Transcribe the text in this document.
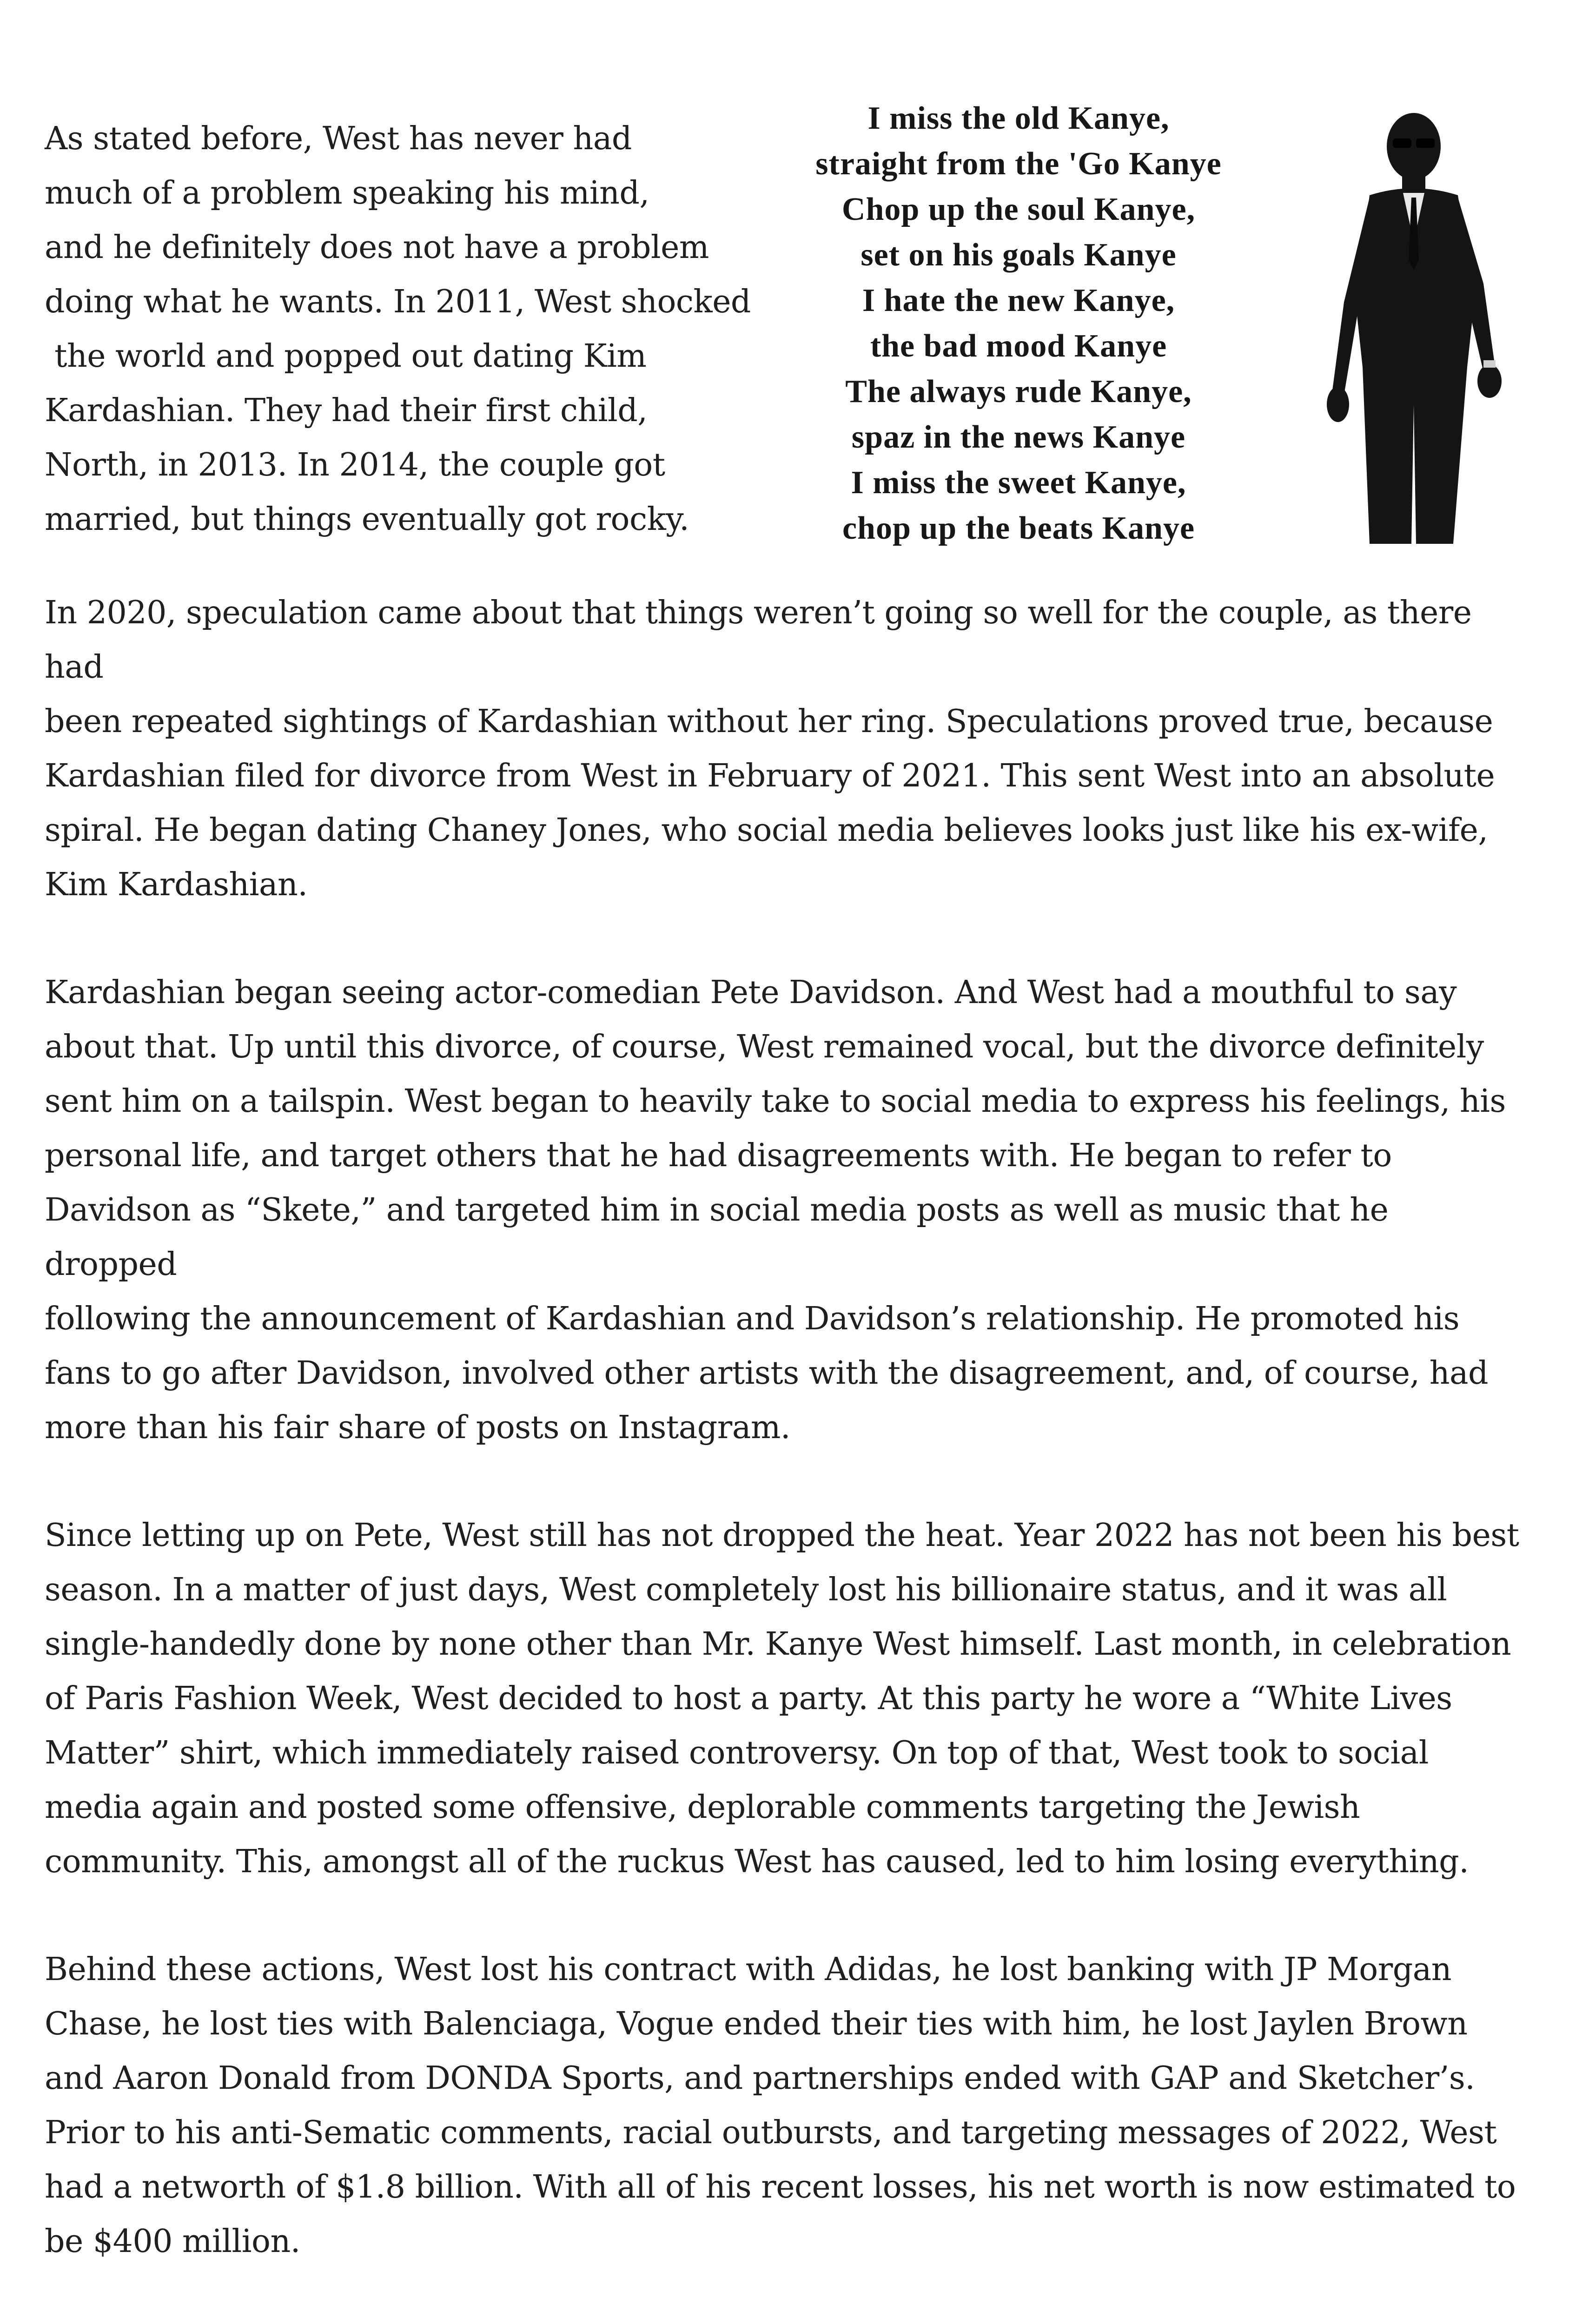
As stated before, West has never had

much of a problem speaking his mind,

and he definitely does not have a problem

doing what he wants. In 2011, West shocked

the world and popped out dating Kim

Kardashian. They had their first child,

North, in 2013. In 2014, the couple got

married, but things eventually got rocky.

I miss the old Kanye,
straight from the 'Go Kanye
Chop up the soul Kanye,
set on his goals Kanye
I hate the new Kanye,
the bad mood Kanye
The always rude Kanye,
spaz in the news Kanye
I miss the sweet Kanye,
chop up the beats Kanye

In 2020, speculation came about that things weren’t going so well for the couple, as there had

been repeated sightings of Kardashian without her ring. Speculations proved true, because

Kardashian filed for divorce from West in February of 2021. This sent West into an absolute

spiral. He began dating Chaney Jones, who social media believes looks just like his ex-wife,

Kim Kardashian.

Kardashian began seeing actor-comedian Pete Davidson. And West had a mouthful to say

about that. Up until this divorce, of course, West remained vocal, but the divorce definitely

sent him on a tailspin. West began to heavily take to social media to express his feelings, his

personal life, and target others that he had disagreements with. He began to refer to

Davidson as “Skete,” and targeted him in social media posts as well as music that he dropped

following the announcement of Kardashian and Davidson’s relationship. He promoted his

fans to go after Davidson, involved other artists with the disagreement, and, of course, had

more than his fair share of posts on Instagram.

Since letting up on Pete, West still has not dropped the heat. Year 2022 has not been his best

season. In a matter of just days, West completely lost his billionaire status, and it was all

single-handedly done by none other than Mr. Kanye West himself. Last month, in celebration

of Paris Fashion Week, West decided to host a party. At this party he wore a “White Lives

Matter” shirt, which immediately raised controversy. On top of that, West took to social

media again and posted some offensive, deplorable comments targeting the Jewish

community. This, amongst all of the ruckus West has caused, led to him losing everything.

Behind these actions, West lost his contract with Adidas, he lost banking with JP Morgan

Chase, he lost ties with Balenciaga, Vogue ended their ties with him, he lost Jaylen Brown

and Aaron Donald from DONDA Sports, and partnerships ended with GAP and Sketcher’s.

Prior to his anti-Sematic comments, racial outbursts, and targeting messages of 2022, West

had a networth of $1.8 billion. With all of his recent losses, his net worth is now estimated to

be $400 million.
